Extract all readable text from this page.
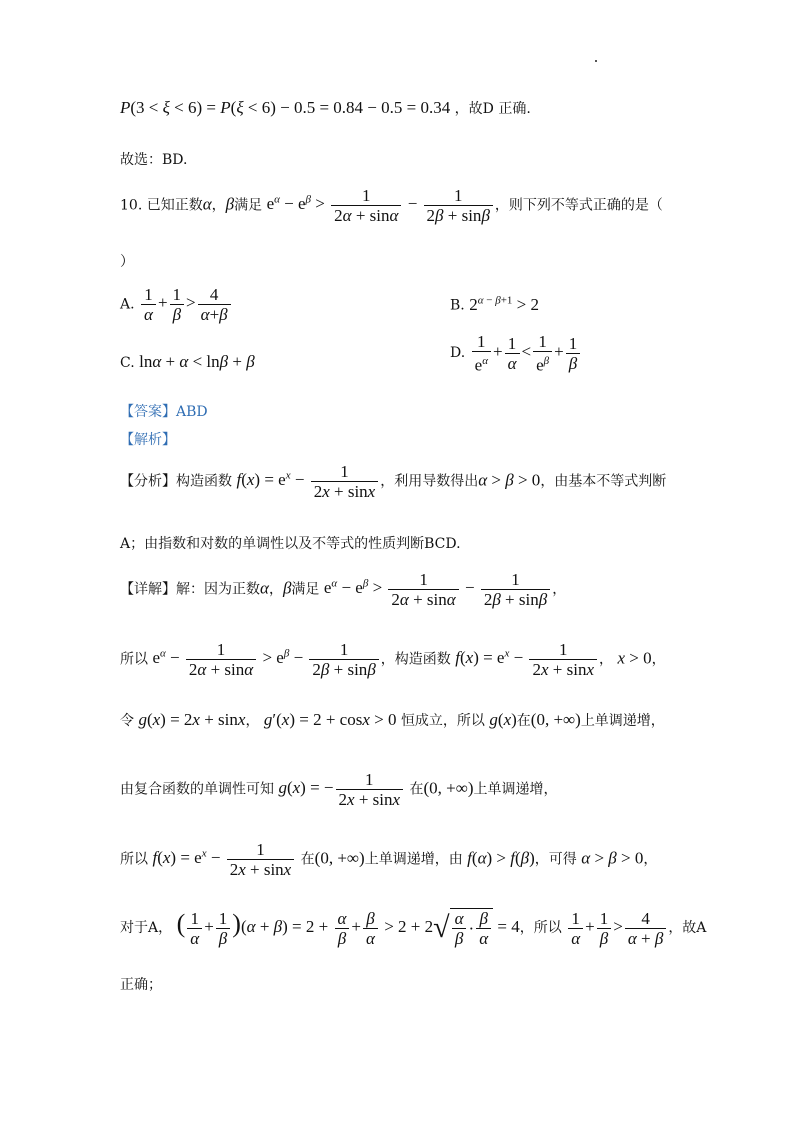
P(3 < ξ < 6) = P(ξ < 6) − 0.5 = 0.84 − 0.5 = 0.34 ，故D 正确.
故选：BD.
10. 已知正数α，β满足 $e^\alpha - e^\beta > \frac{1}{2\alpha + \sin\alpha} - \frac{1}{2\beta + \sin\beta}$ ，则下列不等式正确的是（
）
A. $\frac{1}{\alpha} + \frac{1}{\beta} > \frac{4}{\alpha+\beta}$	B. $2^{\alpha - \beta+1} > 2$
C. lnα + α < lnβ + β	D. $\frac{1}{e^\alpha} + \frac{1}{\alpha} < \frac{1}{e^\beta} + \frac{1}{\beta}$
【答案】ABD
【解析】
【分析】构造函数 $f(x) = e^x - \frac{1}{2x + \sin x}$ ，利用导数得出α > β > 0，由基本不等式判断
A；由指数和对数的单调性以及不等式的性质判断BCD.
【详解】解：因为正数α，β满足 $e^\alpha - e^\beta > \frac{1}{2\alpha + \sin\alpha} - \frac{1}{2\beta + \sin\beta}$ ，
所以 $e^\alpha - \frac{1}{2\alpha + \sin\alpha} > e^\beta - \frac{1}{2\beta + \sin\beta}$ ，构造函数 $f(x) = e^x - \frac{1}{2x + \sin x}$ ， x > 0，
令 g(x) = 2x + sinx， g′(x) = 2 + cosx > 0 恒成立，所以 g(x)在(0, +∞)上单调递增，
由复合函数的单调性可知 g(x) = − $\frac{1}{2x + \sin x}$ 在(0, +∞)上单调递增，
所以 $f(x) = e^x - \frac{1}{2x + \sin x}$ 在(0, +∞)上单调递增，由 f(α) > f(β)，可得 α > β > 0，
对于A， ( $\frac{1}{\alpha} + \frac{1}{\beta} )(\alpha + \beta) = 2 + \frac{\alpha}{\beta} + \frac{\beta}{\alpha} > 2 + 2$ √ $\frac{\alpha}{\beta} \cdot \frac{\beta}{\alpha} = 4$，所以 $\frac{1}{\alpha} + \frac{1}{\beta} > \frac{4}{\alpha + \beta}$ ，故A
正确；
